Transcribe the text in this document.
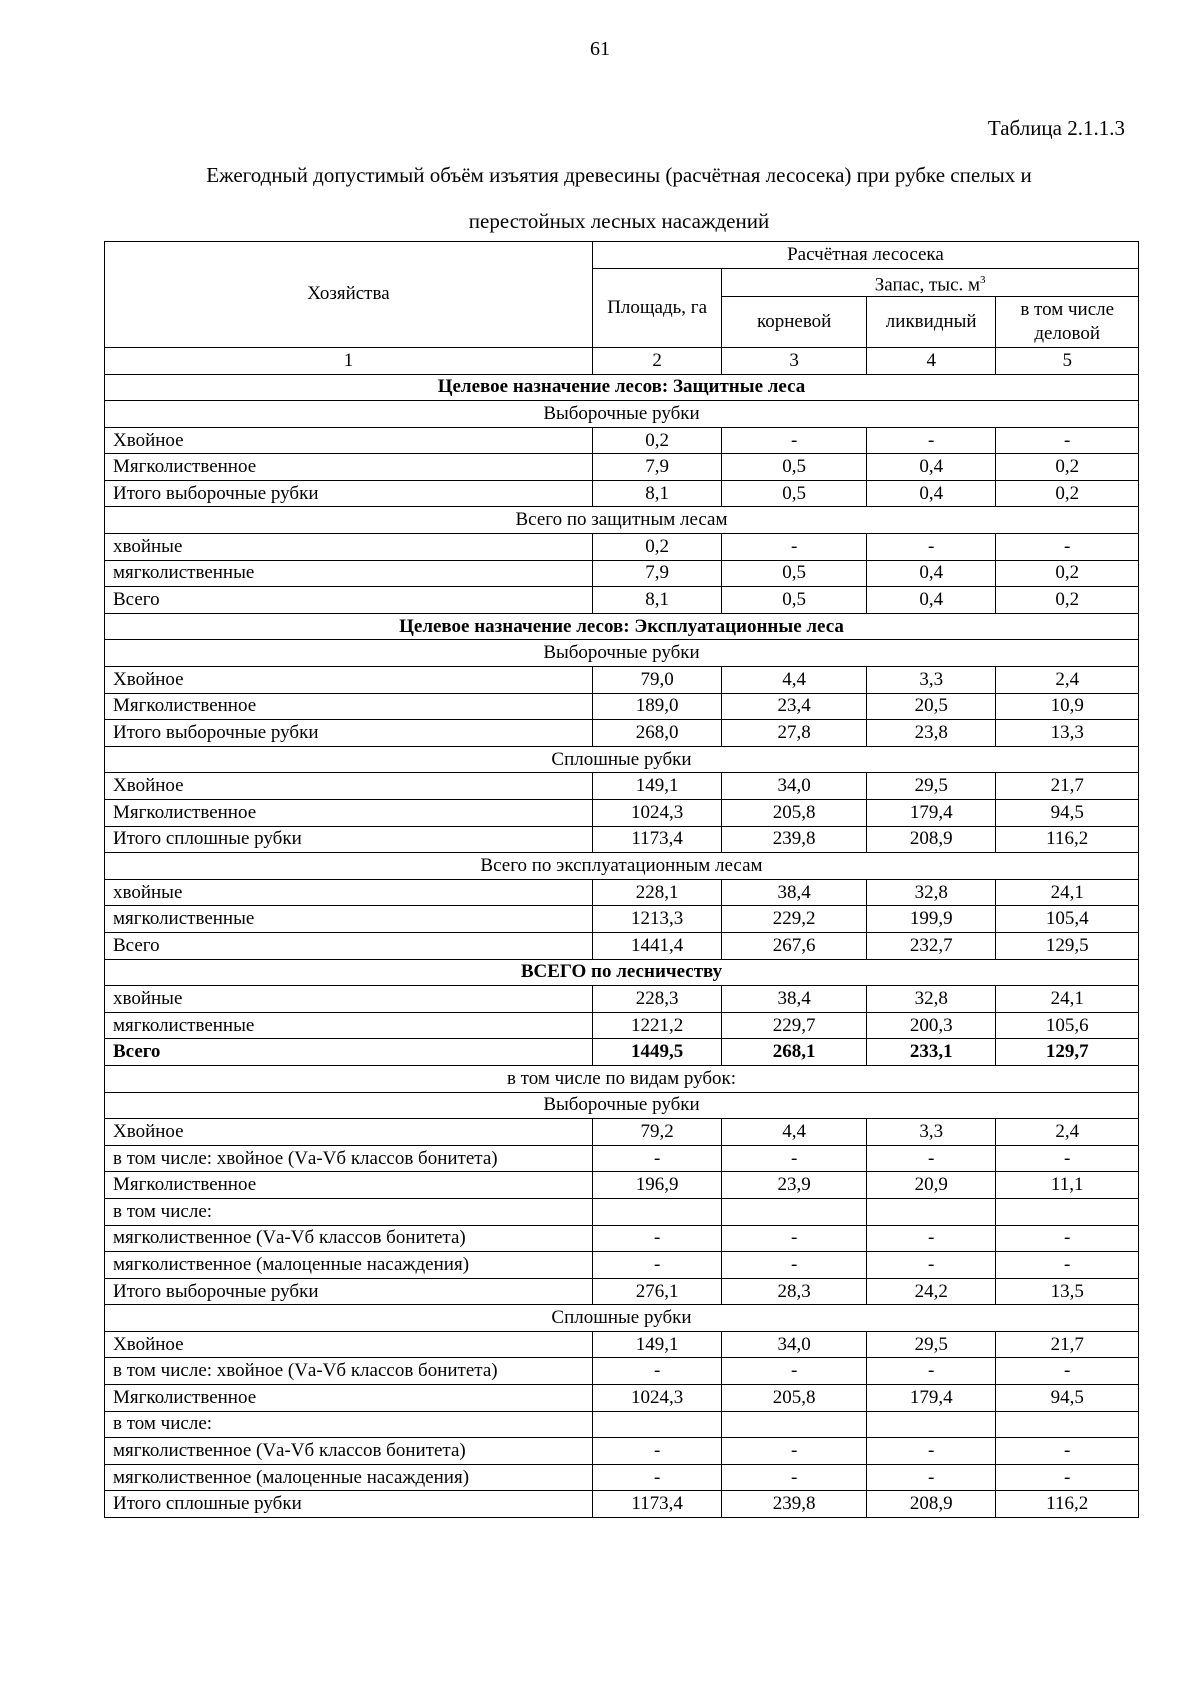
61
Таблица 2.1.1.3
Ежегодный допустимый объём изъятия древесины (расчётная лесосека) при рубке спелых и
перестойных лесных насаждений
Хозяйства	Расчётная лесосека			
	Площадь, га	Запас, тыс. $м^3$
		корневой	ликвидный	в том числе деловой
1	2	3	4	5
Целевое назначение лесов: Защитные леса				
Выборочные рубки				
Хвойное	0,2	-	-	-
Мягколиственное	7,9	0,5	0,4	0,2
Итого выборочные рубки	8,1	0,5	0,4	0,2
Всего по защитным лесам				
хвойные	0,2	-	-	-
мягколиственные	7,9	0,5	0,4	0,2
Всего	8,1	0,5	0,4	0,2
Целевое назначение лесов: Эксплуатационные леса				
Выборочные рубки				
Хвойное	79,0	4,4	3,3	2,4
Мягколиственное	189,0	23,4	20,5	10,9
Итого выборочные рубки	268,0	27,8	23,8	13,3
Сплошные рубки				
Хвойное	149,1	34,0	29,5	21,7
Мягколиственное	1024,3	205,8	179,4	94,5
Итого сплошные рубки	1173,4	239,8	208,9	116,2
Всего по эксплуатационным лесам				
хвойные	228,1	38,4	32,8	24,1
мягколиственные	1213,3	229,2	199,9	105,4
Всего	1441,4	267,6	232,7	129,5
ВСЕГО по лесничеству				
хвойные	228,3	38,4	32,8	24,1
мягколиственные	1221,2	229,7	200,3	105,6
Всего	1449,5	268,1	233,1	129,7
в том числе по видам рубок:				
Выборочные рубки				
Хвойное	79,2	4,4	3,3	2,4
в том числе: хвойное (Vа-Vб классов бонитета)	-	-	-	-
Мягколиственное	196,9	23,9	20,9	11,1
в том числе:				
мягколиственное (Vа-Vб классов бонитета)	-	-	-	-
мягколиственное (малоценные насаждения)	-	-	-	-
Итого выборочные рубки	276,1	28,3	24,2	13,5
Сплошные рубки				
Хвойное	149,1	34,0	29,5	21,7
в том числе: хвойное (Vа-Vб классов бонитета)	-	-	-	-
Мягколиственное	1024,3	205,8	179,4	94,5
в том числе:				
мягколиственное (Vа-Vб классов бонитета)	-	-	-	-
мягколиственное (малоценные насаждения)	-	-	-	-
Итого сплошные рубки	1173,4	239,8	208,9	116,2
